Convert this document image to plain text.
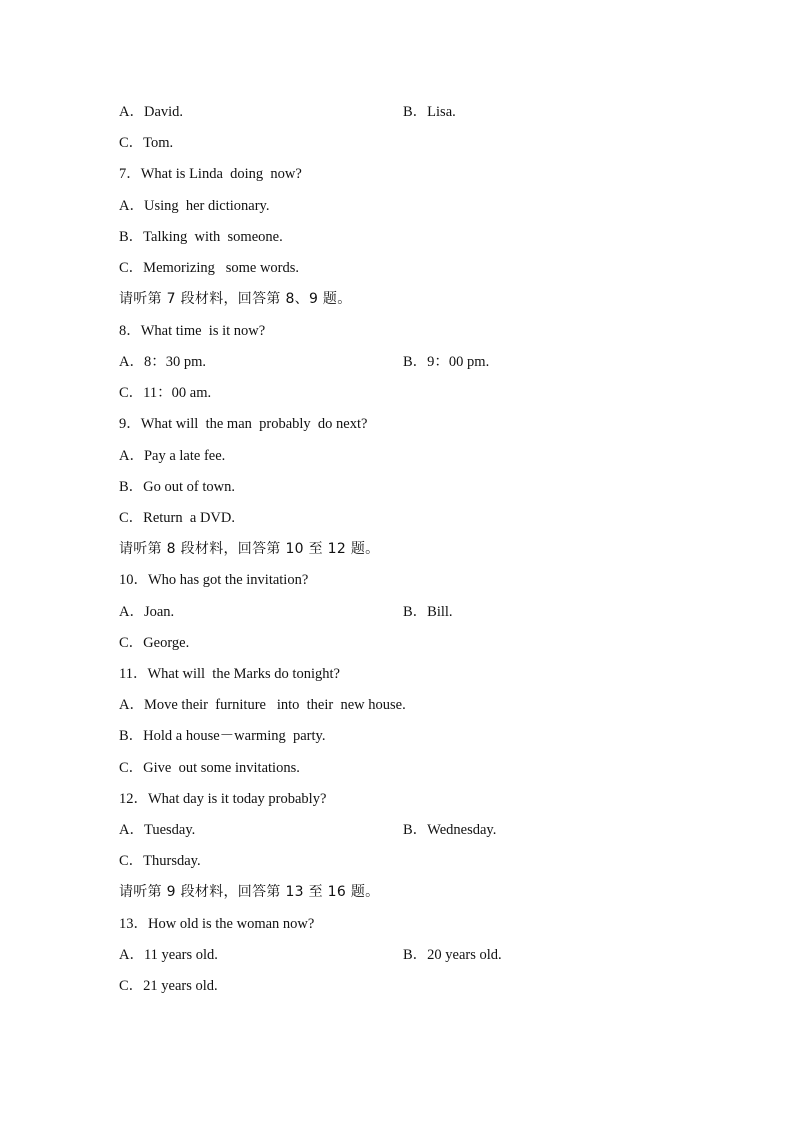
A．David.	B．Lisa.
C．Tom.
7．What is Linda  doing  now?
A．Using  her dictionary.
B．Talking  with  someone.
C．Memorizing   some words.
请听第 7 段材料，回答第 8、9 题。
8．What time  is it now?
A．8：30 pm.	B．9：00 pm.
C．11：00 am.
9．What will  the man  probably  do next?
A．Pay a late fee.
B．Go out of town.
C．Return  a DVD.
请听第 8 段材料，回答第 10 至 12 题。
10．Who has got the invitation?
A．Joan.	B．Bill.
C．George.
11．What will  the Marks do tonight?
A．Move their  furniture   into  their  new house.
B．Hold a house－warming  party.
C．Give  out some invitations.
12．What day is it today probably?
A．Tuesday.	B．Wednesday.
C．Thursday.
请听第 9 段材料，回答第 13 至 16 题。
13．How old is the woman now?
A．11 years old.	B．20 years old.
C．21 years old.
